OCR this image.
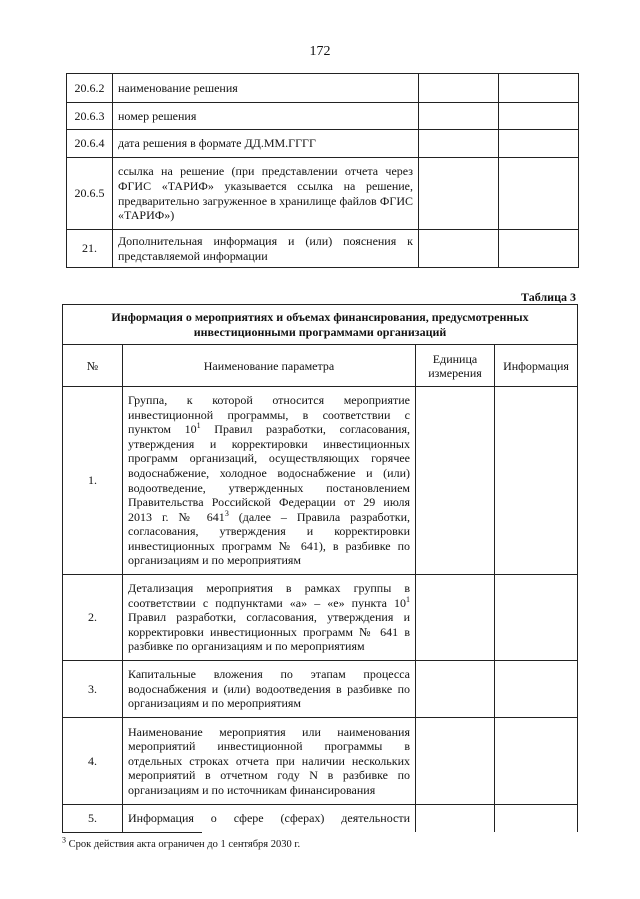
172
20.6.2	наименование решения		
20.6.3	номер решения		
20.6.4	дата решения в формате ДД.ММ.ГГГГ		
20.6.5	ссылка на решение (при представлении отчета через ФГИС «ТАРИФ» указывается ссылка на решение, предварительно загруженное в хранилище файлов ФГИС «ТАРИФ»)		
21.	Дополнительная информация и (или) пояснения к представляемой информации		
Таблица 3
Информация о мероприятиях и объемах финансирования, предусмотренных инвестиционными программами организаций			
№	Наименование параметра	Единица измерения	Информация
1.	Группа, к которой относится мероприятие инвестиционной программы, в соответствии с пунктом $10^1$ Правил разработки, согласования, утверждения и корректировки инвестиционных программ организаций, осуществляющих горячее водоснабжение, холодное водоснабжение и (или) водоотведение, утвержденных постановлением Правительства Российской Федерации от 29 июля 2013 г. № $641^3$ (далее – Правила разработки, согласования, утверждения и корректировки инвестиционных программ № 641), в разбивке по организациям и по мероприятиям		
2.	Детализация мероприятия в рамках группы в соответствии с подпунктами «а» – «е» пункта $10^1$ Правил разработки, согласования, утверждения и корректировки инвестиционных программ № 641 в разбивке по организациям и по мероприятиям		
3.	Капитальные вложения по этапам процесса водоснабжения и (или) водоотведения в разбивке по организациям и по мероприятиям		
4.	Наименование мероприятия или наименования мероприятий инвестиционной программы в отдельных строках отчета при наличии нескольких мероприятий в отчетном году N в разбивке по организациям и по источникам финансирования		
5.	Информация о сфере (сферах) деятельности		
$^3$ Срок действия акта ограничен до 1 сентября 2030 г.
